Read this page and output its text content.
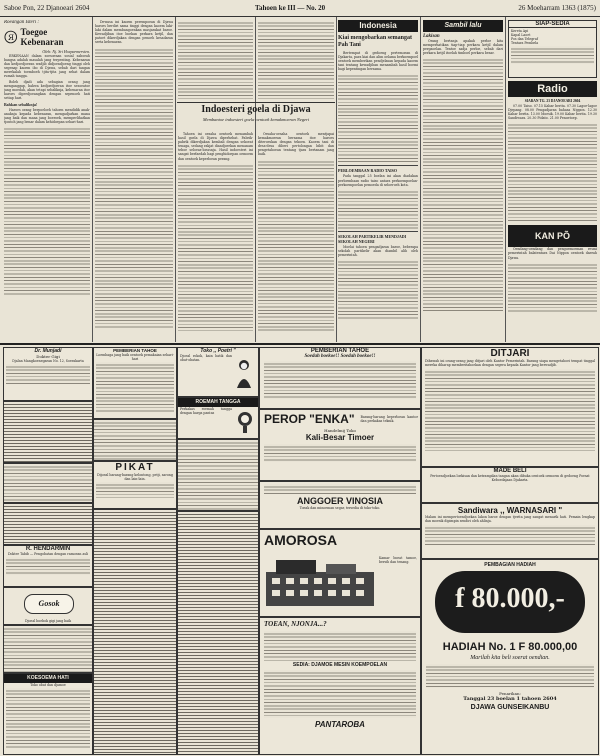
Saboe Pon, 22 Djanoeari 2604	Tahoen ke III — No. 20	26 Moeharram 1363 (1875)
Roeangan Isteri :
Я
Toegoe Kebenaran
Oleh: Nj. Sri Hoeparmervien.

ERKENAAN dalam soesoenan sosial saboeah bangsa adalah masalah jang terpenting. Kebenaran dan kedjoedjoeran wadjib didjoendjoeng tinggi oleh segenap kaoem ibo di Djawa, sebab dari tangan merekalah toemboeh tjita-tjita jang sehat dalam rumah tangga.

Boleh djadi ada sebagian orang jang menganggap, bahwa kedjoedjoeran itoe sesoeatoe jang moedah, akan tetapi sebaliknja, kebenaran itoe haroes diperdjoeangkan dengan sepenoeh hati setiap hari.

Bahkan sebaliknja!

Haroes orang berpoeloeh tahoen mendidik anak-anaknja kepada kebenaran, mengadjarkan mana jang baik dan mana jang boeroek, memperlihatkan tjontoh jang benar dalam kehidoepan sehari-hari.

Dewasa ini kaoem perempoean di Djawa haroes berdiri sama tinggi dengan kaoem laki-laki dalam membangoenkan masjarakat baroe. Kewadjiban itoe boekan perkara ketjil, dan patoet dikerdjakan dengan penoeh kesadaran serta kebenaran.

Indoesteri goela di Djawa
Membantoe indoesteri goela oentoek kemakmoeran Negeri

Tahoen ini oesaha oentoek menambah hasil goela di Djawa diperhebat. Pabrik-pabrik dikerdjakan kembali dengan sekoeat tenaga, sedang rakjat diandjoerkan menanam teboe seloeas-loeasnja. Hasil indoesteri ini sangat berfaedah bagi penghidoepan oemoem dan oentoek keperloean perang.

Oesaha-oesaha oentoek mentjapai kemakmoeran bersama itoe haroes diteroeskan dengan tekoen. Kaoem tani di desa-desa diberi pertolongan bibit dan pengetahoean tentang tjara bertanam jang baik.

Indonesia
Kiai mengobarkan semangat Pah Tani

Bertempat di gedoeng pertemoean di Djakarta, para kiai dan alim oelama berkoempoel oentoek memberikan pendjelasan kepada kaoem tani tentang kewadjiban menambah hasil boemi bagi kepentingan bersama.

PERLOEMBAAN RADIO TAISO

Pada tanggal 25 boelan ini akan diadakan perloembaan radio taiso antara perkoempoelan-perkoempoelan pemoeda di seloeroeh kota.

SEKOLAH PARTIKELIR MENDJADI SEKOLAH NEGERI

Moelai tahoen pengadjaran baroe, beberapa sekolah partikelir akan diambil alih oleh pemerintah.

Sambil lalu
Lakisan

Orang bertanja apakah perloe kita memperhatikan tiap-tiap perkara ketjil dalam pergaoelan. Tentoe sadja perloe, sebab dari perkara ketjil itoelah timboel perkara besar.

SIAP-SEDIA
Kereta Api
Kapal Laoet
Pos dan Telegraf
Tentara Pembela
Radio
SIARAN TG. 23 DJANOEARI 2604

07.00 Taiso. 07.15 Kabar berita. 07.30 Lagoe-lagoe Djepang. 08.00 Pengadjaran bahasa Nippon. 12.30 Kabar berita. 13.00 Moesik. 19.00 Kabar berita. 19.30 Sandiwara. 20.30 Pidato. 21.00 Penoetoep.

KAN PÕ

Oendang-oendang dan pengoemoeman resmi pemerintah balatentara Dai Nippon oentoek daerah Djawa.

Dr. Munjadi
Dokter Gigi
Djalan Mangkoenegaran No. 12, Soerakarta
R. HENDARMIN
Dokter Tabib — Pengobatan dengan ramoean asli
Gosok
Djoeal boebok gigi jang baik
KOESOEMA HATI
Toko obat dan djamoe
PEMBERIAN TAHOE
Loembaga jang baik oentoek pemakaian sehari-hari
PIKAT
Dijoeal barang-barang kelontong, petji, sarong dan lain-lain.
Toko ,, Poetri "
Djoeal rokok, kain batik dan obat-obatan.
ROEMAH TANGGA
Perkakas roemah tangga dengan harga pantas
PEMBERIAN TAHOE
Soedah boekoe!! Soedah boekoe!!
PEROP "ENKA"	Barang-barang keperloean kantor dan perkakas teknik.
Handelmij Toko
Kali-Besar Timoer
ANGGOER VINOSIA
Toeak dan minoeman segar, tersedia di toko-toko.
AMOROSA
Kamar boeat tamoe, bersih dan tenang.
TOEAN, NJONJA...?
SEDIA: DJAMOE MESIN KOEMPOELAN
PANTAROBA
DITJARI
Dibawah ini orang-orang jang ditjari oleh Kantor Pemerintah. Barang siapa mengetahoei tempat tinggal mereka diharap memberitahoekan dengan segera kepada Kantor jang berwadjib.
MADE BELI
Pertoendjoekan loekisan dan ketrampilan tangan akan dibuka oentoek oemoem di gedoeng Poesat Keboedajaan Djakarta.
Sandiwara ,, WARNASARI "
Malam ini mempertoendjoekan lakon baroe dengan tjerita jang sangat menarik hati. Pemain lengkap dan moesik dipimpin sendiri oleh ahlinja.
PEMBAGIAN HADIAH
f 80.000,-
HADIAH No. 1 F 80.000,00
Marilah kita beli soerat oendian.
Penarikan:
Tanggal 23 boelan 1 tahoen 2604
DJAWA GUNSEIKANBU
